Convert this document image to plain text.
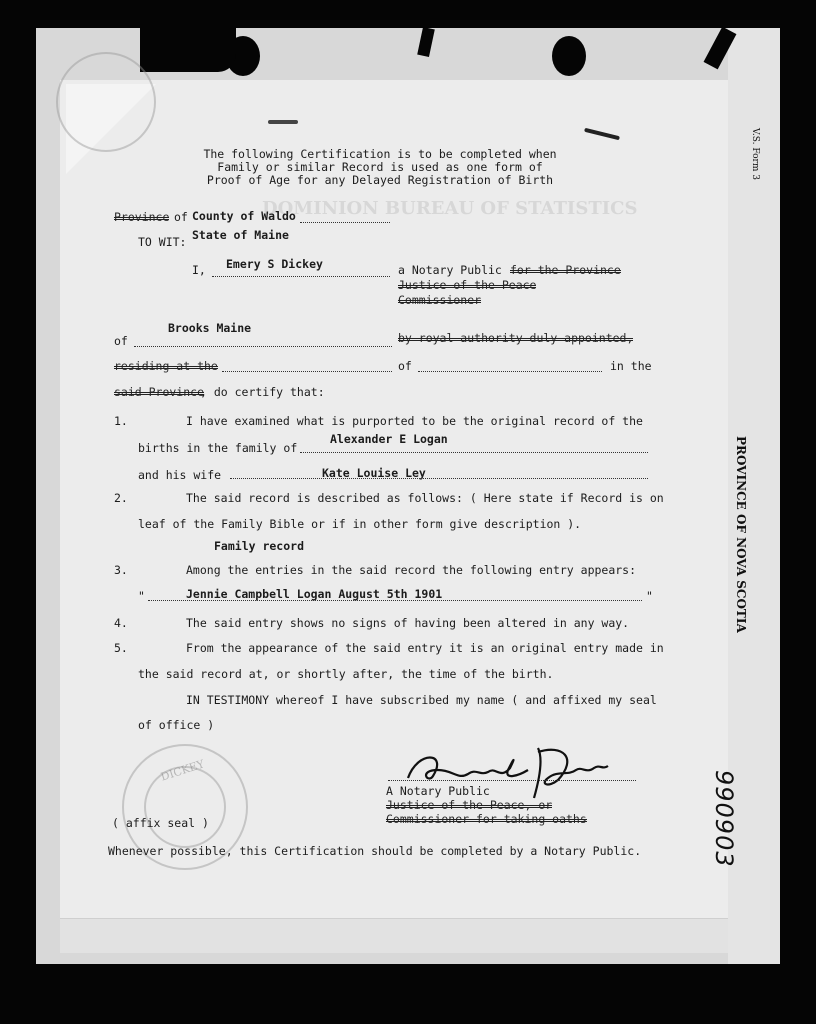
DOMINION BUREAU OF STATISTICS
V.S. Form 3
PROVINCE OF NOVA SCOTIA
990903
The following Certification is to be completed when
Family or similar Record is used as one form of
Proof of Age for any Delayed Registration of Birth
Province of County of Waldo
TO WIT: State of Maine
I, Emery S Dickey	a Notary Public for the Province
Justice of the Peace
Commissioner
of
Brooks Maine
by royal authority duly appointed,
residing at the	of	in the
said Province
, do certify that:
1.	I have examined what is purported to be the original record of the
births in the family of
Alexander E Logan
and his wife	Kate Louise Ley
2.	The said record is described as follows: ( Here state if Record is on
leaf of the Family Bible or if in other form give description ).
Family record
3.	Among the entries in the said record the following entry appears:
"	Jennie Campbell Logan August 5th 1901	"
4.	The said entry shows no signs of having been altered in any way.
5.	From the appearance of the said entry it is an original entry made in
the said record at, or shortly after, the time of the birth.
IN TESTIMONY whereof I have subscribed my name ( and affixed my seal
of office )
DICKEY
A Notary Public
Justice of the Peace, or
Commissioner for taking oaths
( affix seal )
Whenever possible, this Certification should be completed by a Notary Public.
